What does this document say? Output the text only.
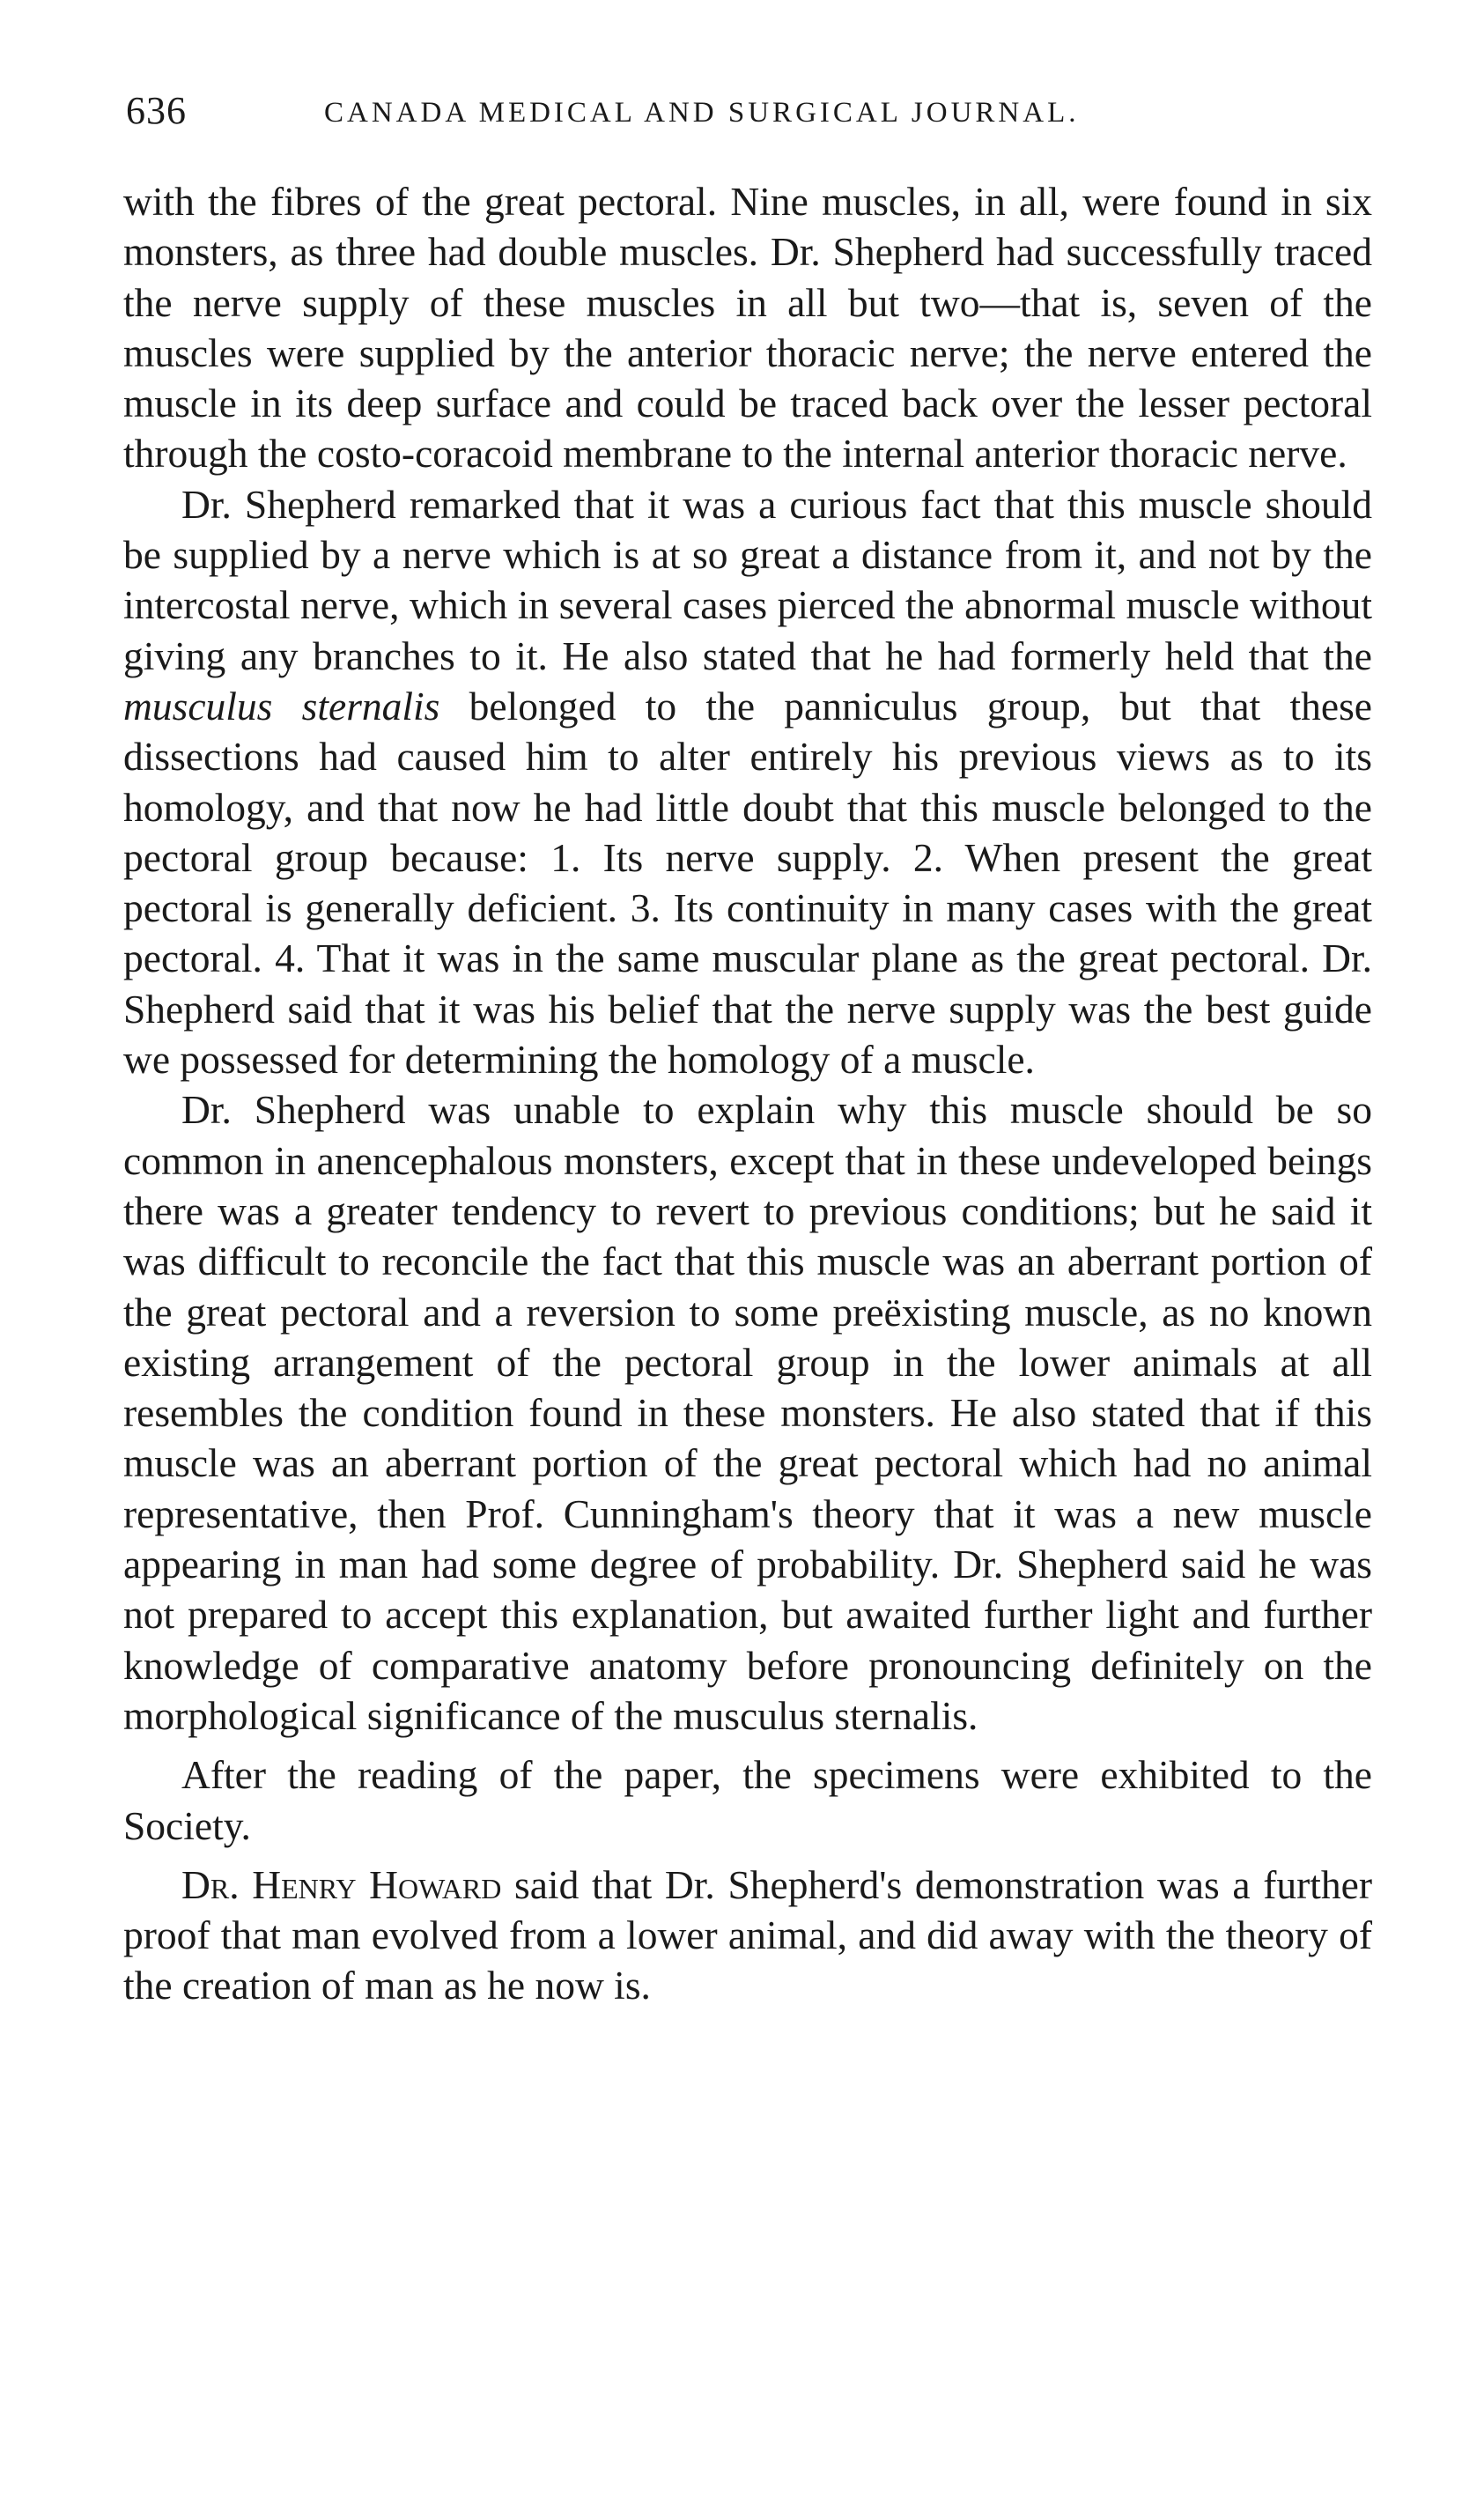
636	CANADA MEDICAL AND SURGICAL JOURNAL.

with the fibres of the great pectoral. Nine muscles, in all, were found in six monsters, as three had double muscles. Dr. Shepherd had successfully traced the nerve supply of these muscles in all but two—that is, seven of the muscles were supplied by the anterior thoracic nerve; the nerve entered the muscle in its deep surface and could be traced back over the lesser pectoral through the costo-coracoid membrane to the internal anterior thoracic nerve.

Dr. Shepherd remarked that it was a curious fact that this muscle should be supplied by a nerve which is at so great a distance from it, and not by the intercostal nerve, which in several cases pierced the abnormal muscle without giving any branches to it. He also stated that he had formerly held that the musculus sternalis belonged to the panniculus group, but that these dissections had caused him to alter entirely his previous views as to its homology, and that now he had little doubt that this muscle belonged to the pectoral group because: 1. Its nerve supply. 2. When present the great pectoral is generally deficient. 3. Its continuity in many cases with the great pectoral. 4. That it was in the same muscular plane as the great pectoral. Dr. Shepherd said that it was his belief that the nerve supply was the best guide we possessed for determining the homology of a muscle.

Dr. Shepherd was unable to explain why this muscle should be so common in anencephalous monsters, except that in these undeveloped beings there was a greater tendency to revert to previous conditions; but he said it was difficult to reconcile the fact that this muscle was an aberrant portion of the great pectoral and a reversion to some preëxisting muscle, as no known existing arrangement of the pectoral group in the lower animals at all resembles the condition found in these monsters. He also stated that if this muscle was an aberrant portion of the great pectoral which had no animal representative, then Prof. Cunningham's theory that it was a new muscle appearing in man had some degree of probability. Dr. Shepherd said he was not prepared to accept this explanation, but awaited further light and further knowledge of comparative anatomy before pronouncing definitely on the morphological significance of the musculus sternalis.

After the reading of the paper, the specimens were exhibited to the Society.

Dr. Henry Howard said that Dr. Shepherd's demonstration was a further proof that man evolved from a lower animal, and did away with the theory of the creation of man as he now is.
